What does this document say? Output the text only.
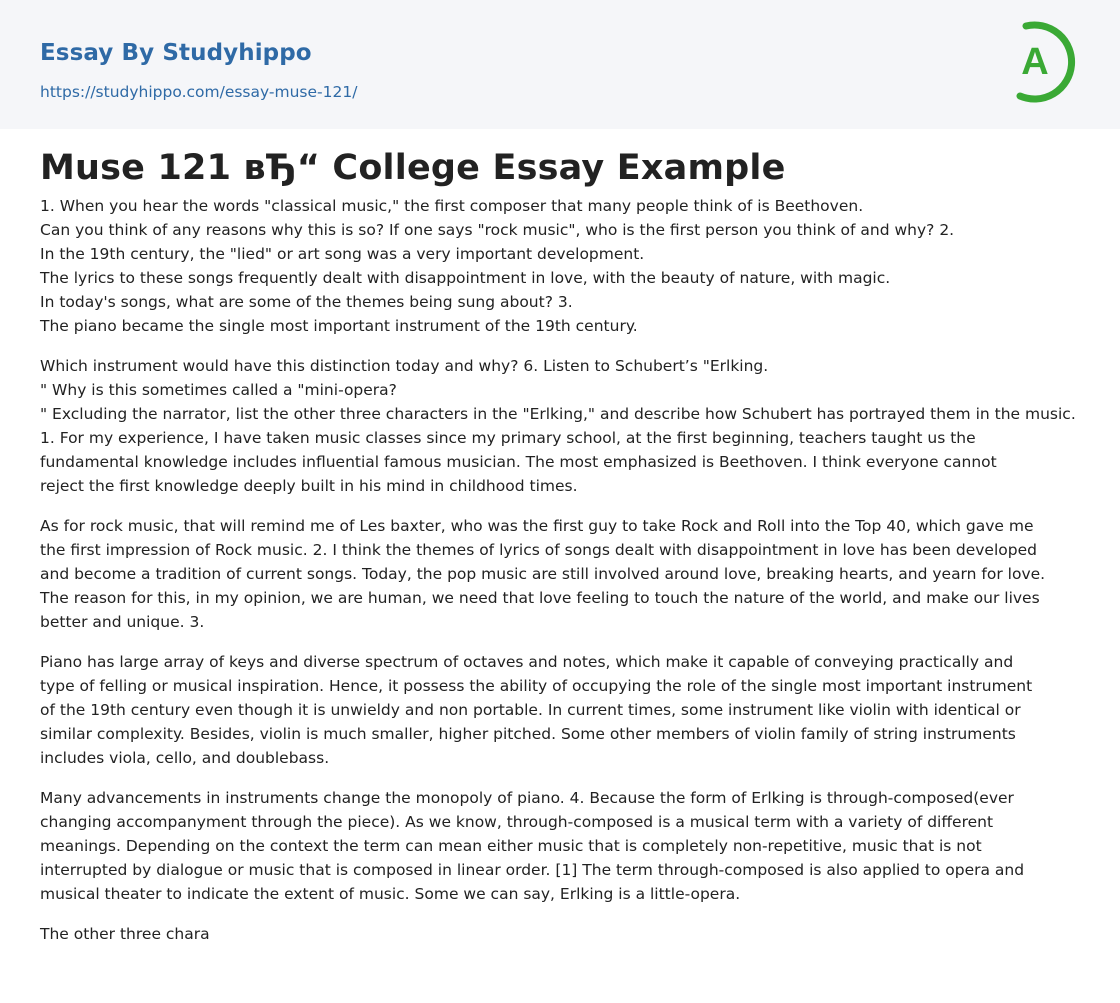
Essay By Studyhippo
https://studyhippo.com/essay-muse-121/
A
Muse 121 вЂ“ College Essay Example

1. When you hear the words "classical music," the first composer that many people think of is Beethoven.
Can you think of any reasons why this is so? If one says "rock music", who is the first person you think of and why? 2.
In the 19th century, the "lied" or art song was a very important development.
The lyrics to these songs frequently dealt with disappointment in love, with the beauty of nature, with magic.
In today's songs, what are some of the themes being sung about? 3.
The piano became the single most important instrument of the 19th century.

Which instrument would have this distinction today and why? 6. Listen to Schubert’s "Erlking.
" Why is this sometimes called a "mini-opera?
" Excluding the narrator, list the other three characters in the "Erlking," and describe how Schubert has portrayed them in the music.
1. For my experience, I have taken music classes since my primary school, at the first beginning, teachers taught us the
fundamental knowledge includes influential famous musician. The most emphasized is Beethoven. I think everyone cannot
reject the first knowledge deeply built in his mind in childhood times.

As for rock music, that will remind me of Les baxter, who was the first guy to take Rock and Roll into the Top 40, which gave me
the first impression of Rock music. 2. I think the themes of lyrics of songs dealt with disappointment in love has been developed
and become a tradition of current songs. Today, the pop music are still involved around love, breaking hearts, and yearn for love.
The reason for this, in my opinion, we are human, we need that love feeling to touch the nature of the world, and make our lives
better and unique. 3.

Piano has large array of keys and diverse spectrum of octaves and notes, which make it capable of conveying practically and
type of felling or musical inspiration. Hence, it possess the ability of occupying the role of the single most important instrument
of the 19th century even though it is unwieldy and non portable. In current times, some instrument like violin with identical or
similar complexity. Besides, violin is much smaller, higher pitched. Some other members of violin family of string instruments
includes viola, cello, and doublebass.

Many advancements in instruments change the monopoly of piano. 4. Because the form of Erlking is through-composed(ever
changing accompanyment through the piece). As we know, through-composed is a musical term with a variety of different
meanings. Depending on the context the term can mean either music that is completely non-repetitive, music that is not
interrupted by dialogue or music that is composed in linear order. [1] The term through-composed is also applied to opera and
musical theater to indicate the extent of music. Some we can say, Erlking is a little-opera.

The other three chara
